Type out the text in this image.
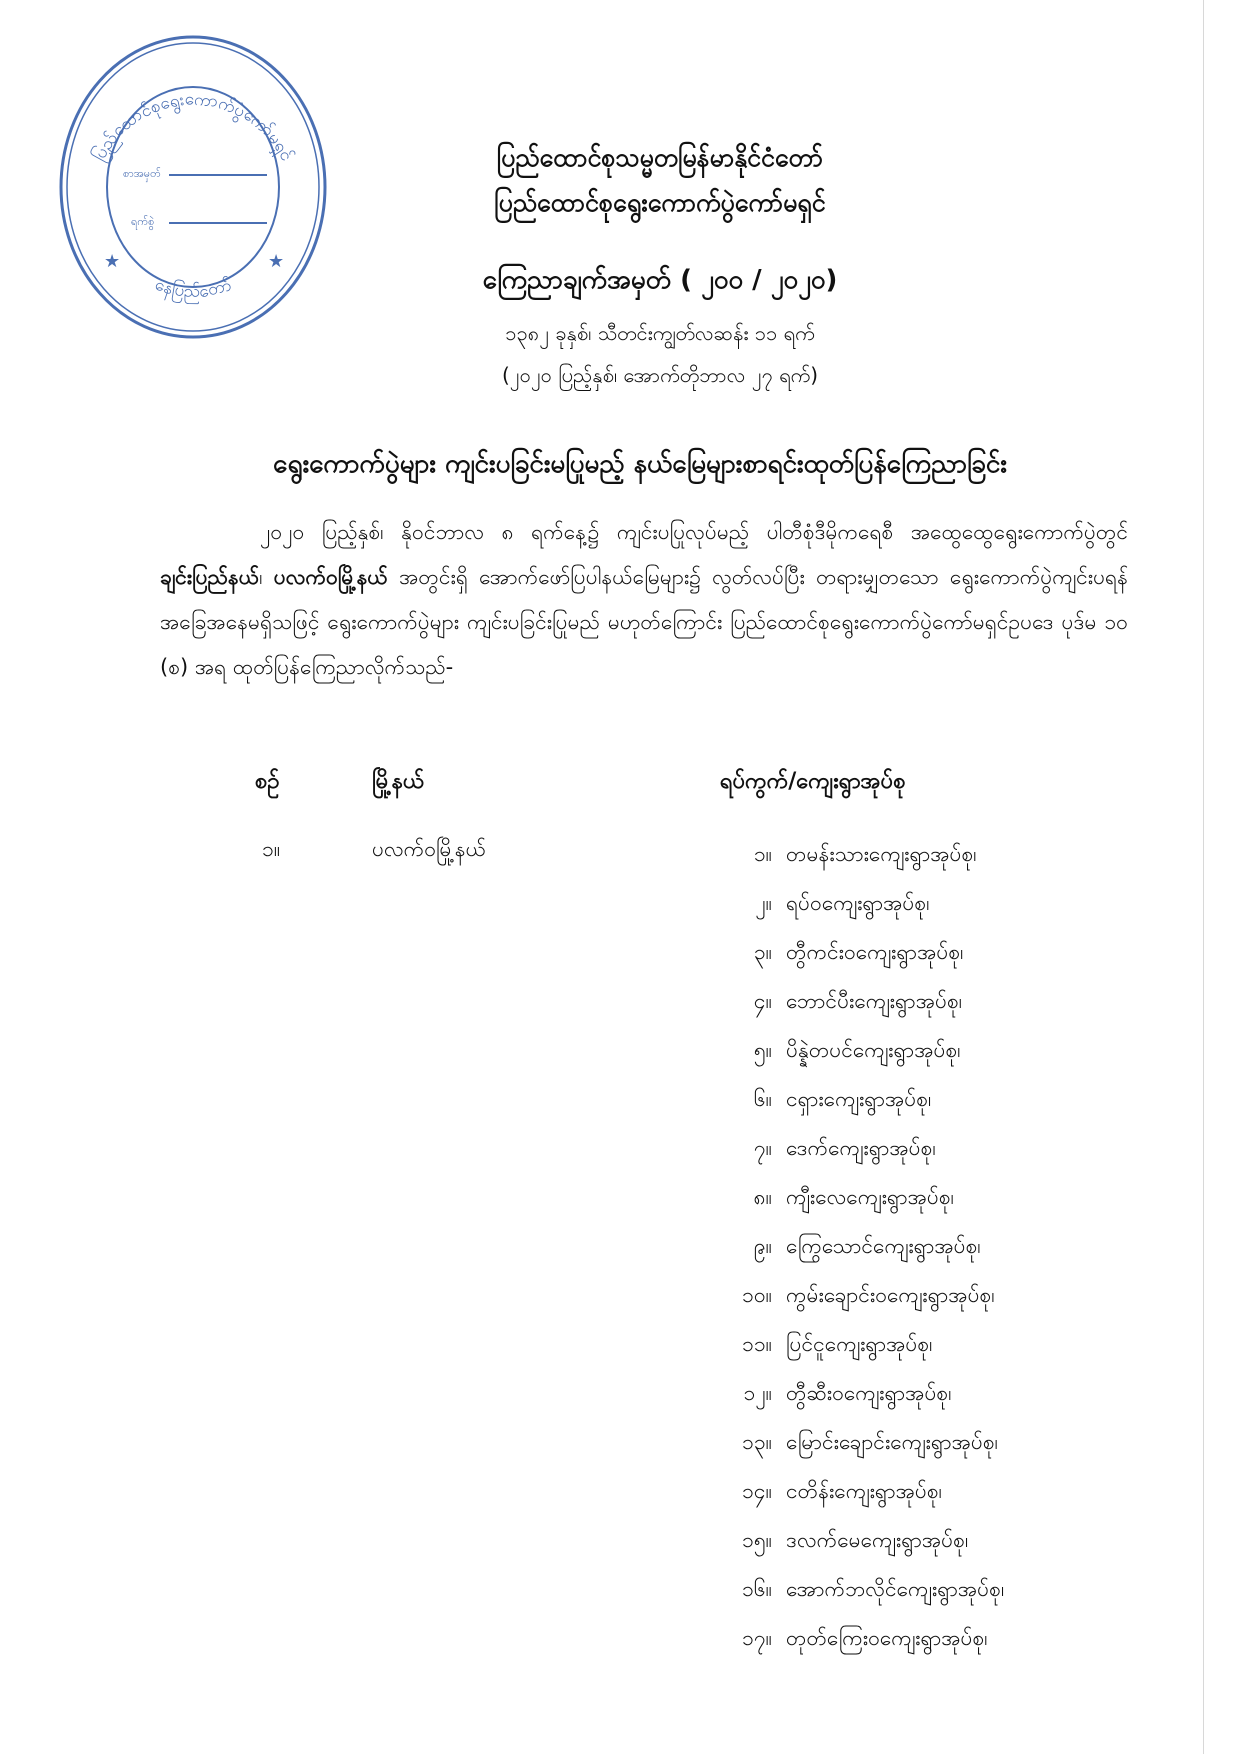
ပြည်ထောင်စုရွေးကောက်ပွဲကော်မရှင်
နေပြည်တော်
စာအမှတ်
ရက်စွဲ
★	★
ပြည်ထောင်စုသမ္မတမြန်မာနိုင်ငံတော်
ပြည်ထောင်စုရွေးကောက်ပွဲကော်မရှင်
ကြေညာချက်အမှတ် ( ၂၀၀ / ၂၀၂၀)
၁၃၈၂ ခုနှစ်၊ သီတင်းကျွတ်လဆန်း ၁၁ ရက်
(၂၀၂၀ ပြည့်နှစ်၊ အောက်တိုဘာလ ၂၇ ရက်)
ရွေးကောက်ပွဲများ ကျင်းပခြင်းမပြုမည့် နယ်မြေများစာရင်းထုတ်ပြန်ကြေညာခြင်း
၂၀၂၀ ပြည့်နှစ်၊ နိုဝင်ဘာလ ၈ ရက်နေ့၌ ကျင်းပပြုလုပ်မည့် ပါတီစုံဒီမိုကရေစီ အထွေထွေရွေးကောက်ပွဲတွင် ချင်းပြည်နယ်၊ ပလက်ဝမြို့နယ် အတွင်းရှိ အောက်ဖော်ပြပါနယ်မြေများ၌ လွတ်လပ်ပြီး တရားမျှတသော ရွေးကောက်ပွဲကျင်းပရန်အခြေအနေမရှိသဖြင့် ရွေးကောက်ပွဲများ ကျင်းပခြင်းပြုမည် မဟုတ်ကြောင်း ပြည်ထောင်စုရွေးကောက်ပွဲကော်မရှင်ဥပဒေ ပုဒ်မ ၁၀ (စ) အရ ထုတ်ပြန်ကြေညာလိုက်သည်-
စဉ်	မြို့နယ်	ရပ်ကွက်/ကျေးရွာအုပ်စု
၁။	ပလက်ဝမြို့နယ်	၁။ တမန်းသားကျေးရွာအုပ်စု၊
၂။ ရပ်ဝကျေးရွာအုပ်စု၊
၃။ တွီကင်းဝကျေးရွာအုပ်စု၊
၄။ ဘောင်ပီးကျေးရွာအုပ်စု၊
၅။ ပိန္နဲတပင်ကျေးရွာအုပ်စု၊
၆။ ငရှားကျေးရွာအုပ်စု၊
၇။ ဒေက်ကျေးရွာအုပ်စု၊
၈။ ကျီးလေကျေးရွာအုပ်စု၊
၉။ ကြွေသောင်ကျေးရွာအုပ်စု၊
၁၀။ ကွမ်းချောင်းဝကျေးရွာအုပ်စု၊
၁၁။ ပြင်ငူကျေးရွာအုပ်စု၊
၁၂။ တွီဆီးဝကျေးရွာအုပ်စု၊
၁၃။ မြောင်းချောင်းကျေးရွာအုပ်စု၊
၁၄။ ငတိန်းကျေးရွာအုပ်စု၊
၁၅။ ဒလက်မေကျေးရွာအုပ်စု၊
၁၆။ အောက်ဘလိုင်ကျေးရွာအုပ်စု၊
၁၇။ တုတ်ကြေးဝကျေးရွာအုပ်စု၊
